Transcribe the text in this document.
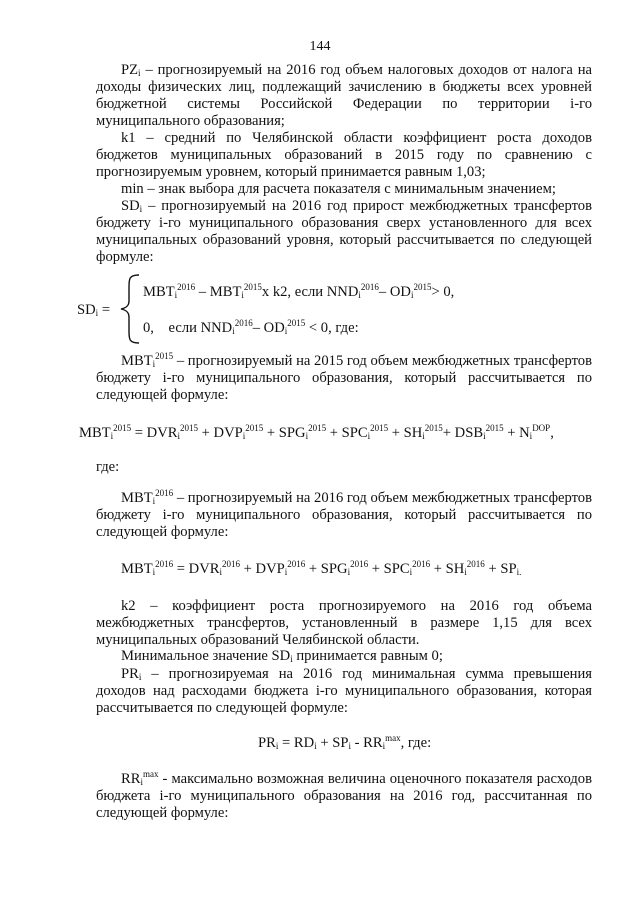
144
$PZ_i$ – прогнозируемый на 2016 год объем налоговых доходов от налога на доходы физических лиц, подлежащий зачислению в бюджеты всех уровней бюджетной системы Российской Федерации по территории i-го муниципального образования;
k1 – средний по Челябинской области коэффициент роста доходов бюджетов муниципальных образований в 2015 году по сравнению с прогнозируемым уровнем, который принимается равным 1,03;
min – знак выбора для расчета показателя с минимальным значением;
$SD_i$ – прогнозируемый на 2016 год прирост межбюджетных трансфертов бюджету i-го муниципального образования сверх установленного для всех муниципальных образований уровня, который рассчитывается по следующей формуле:
$SD_i$ =
$MBT_i^{2016} - MBT_i^{2015}x$ k2, если $NND_i^{2016}-$ $OD_i^{2015}> 0$,
0,    если $NND_i^{2016}-$ $OD_i^{2015} < 0$, где:
$MBT_i^{2015}$ – прогнозируемый на 2015 год объем межбюджетных трансфертов бюджету i-го муниципального образования, который рассчитывается по следующей формуле:
$MBT_i^{2015} = DVR_i^{2015} + DVP_i^{2015} + SPG_i^{2015} + SPC_i^{2015} + SH_i^{2015}+ DSB_i^{2015} + N_i^{DOP}$,
где:
$MBT_i^{2016}$ – прогнозируемый на 2016 год объем межбюджетных трансфертов бюджету i-го муниципального образования, который рассчитывается по следующей формуле:
$MBT_i^{2016} = DVR_i^{2016} + DVP_i^{2016} + SPG_i^{2016} + SPC_i^{2016} + SH_i^{2016} + SP_{i.}$
k2 – коэффициент роста прогнозируемого на 2016 год объема межбюджетных трансфертов, установленный в размере 1,15 для всех муниципальных образований Челябинской области.
Минимальное значение $SD_i$ принимается равным 0;
$PR_i$ – прогнозируемая на 2016 год минимальная сумма превышения доходов над расходами бюджета i-го муниципального образования, которая рассчитывается по следующей формуле:
$PR_i = RD_i + SP_i - RR_i^{max}$, где:
$RR_i^{max}$ - максимально возможная величина оценочного показателя расходов бюджета i-го муниципального образования на 2016 год, рассчитанная по следующей формуле:
